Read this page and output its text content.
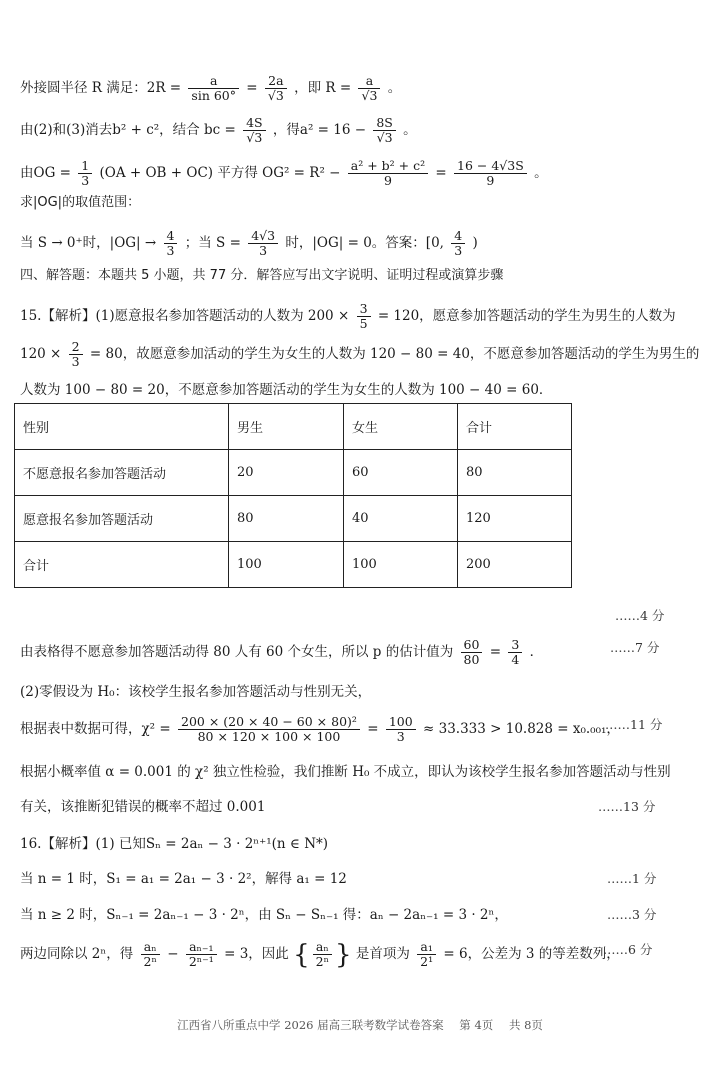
外接圆半径 R 满足：$2R = \frac{a}{\sin 60^\circ} = \frac{2a}{√3}$ ，即 $R = \frac{a}{√3}$ 。
由(2)和(3)消去b² + c²，结合 bc = $\frac{4S}{√3}$ ，得$a^2 = 16 - \frac{8S}{√3}$ 。
由OG = $\frac{1}{3} (OA$ + OB + OC) 平方得 $OG^2 = R^2 - \frac{\text{a² + b² + c²}}{9} = \frac{16 - 4√3S}{9}$ 。
求|OG|的取值范围：
当 S → 0⁺时，$|OG| \to \frac{4}{3}$ ；当 $S = \frac{4√3}{3}$ 时，|OG| = 0。答案：[0, $\frac{4}{3}$ )
四、解答题：本题共 5 小题，共 77 分．解答应写出文字说明、证明过程或演算步骤
15.【解析】(1)愿意报名参加答题活动的人数为 $200 \times \frac{3}{5} = 120$，愿意参加答题活动的学生为男生的人数为
$120 \times \frac{2}{3} = 80$，故愿意参加活动的学生为女生的人数为 120 − 80 = 40，不愿意参加答题活动的学生为男生的
人数为 100 − 80 = 20，不愿意参加答题活动的学生为女生的人数为 100 − 40 = 60．
性别	男生	女生	合计
不愿意报名参加答题活动	20	60	80
愿意报名参加答题活动	80	40	120
合计	100	100	200
……4 分
由表格得不愿意参加答题活动得 80 人有 60 个女生，所以 p 的估计值为 $\frac{60}{80} = \frac{3}{4}$ ．	……7 分
(2)零假设为 H₀：该校学生报名参加答题活动与性别无关，
根据表中数据可得，$\chi^2 = \frac{\text{200 × (20 × 40 − 60 × 80)²}}{80 \times 120 \times 100 \times 100} = \frac{100}{3} \approx 33.333 > 10.828 = x_0._{001}$，
……11 分
根据小概率值 α = 0.001 的 χ² 独立性检验，我们推断 H₀ 不成立，即认为该校学生报名参加答题活动与性别
有关，该推断犯错误的概率不超过 0.001	……13 分
16.【解析】(1) 已知Sₙ = 2aₙ − 3 · 2ⁿ⁺¹(n ∈ N*)
当 n = 1 时，S₁ = a₁ = 2a₁ − 3 · 2²，解得 a₁ = 12	……1 分
当 n ≥ 2 时，Sₙ₋₁ = 2aₙ₋₁ − 3 · 2ⁿ，由 Sₙ − Sₙ₋₁ 得：aₙ − 2aₙ₋₁ = 3 · 2ⁿ，	……3 分
两边同除以 2ⁿ，得 $\frac{\text{aₙ}}{\text{2ⁿ}} - \frac{\text{aₙ₋₁}}{\text{2ⁿ⁻¹}} = 3$，因此 { $\frac{\text{aₙ}}{\text{2ⁿ}}$ } 是首项为 $\frac{\text{a₁}}{\text{2¹}} = 6$，公差为 3 的等差数列，
……6 分
江西省八所重点中学 2026 届高三联考数学试卷答案 第 4页 共 8页
